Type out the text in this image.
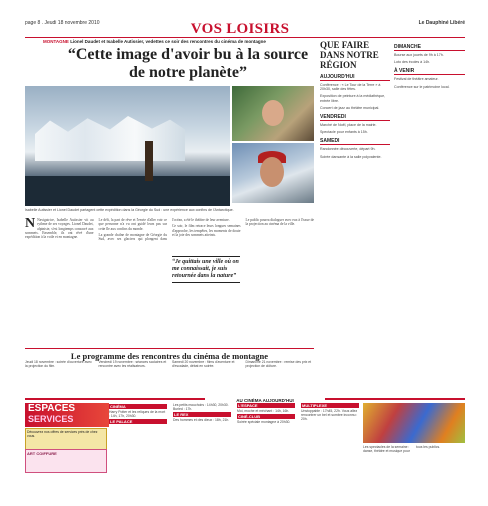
page 8 . Jeudi 18 novembre 2010	Le Dauphiné Libéré
VOS LOISIRS
MONTAGNE Lionel Daudet et Isabelle Autissier, vedettes ce soir des rencontres du cinéma de montagne
“Cette image d'avoir bu à la source de notre planète”
Isabelle Autissier et Lionel Daudet partagent cette expédition dans la Géorgie du Sud : une expérience aux confins de l'Antarctique.

N Navigatrice, Isabelle Autissier vit au rythme de ses voyages. Lionel Daudet, alpiniste, s'est longtemps consacré aux sommets. Ensemble, ils ont rêvé d'une expédition à la voile et en montagne.

Le défi, la part de rêve et l'envie d'aller voir ce que personne n'a vu ont guidé leurs pas sur cette île aux confins du monde.

La grande chaîne de montagne de Géorgie du Sud, avec ses glaciers qui plongent dans l'océan, a été le théâtre de leur aventure.

Ce soir, le film retrace leurs longues semaines d'approche, les tempêtes, les moments de doute et la joie des sommets atteints.

Le public pourra dialoguer avec eux à l'issue de la projection au cinéma de la ville.

“Je quittais une ville où on me connaissait, je suis retournée dans la nature”
Le programme des rencontres du cinéma de montagne

Jeudi 18 novembre : soirée d'ouverture avec la projection du film.

Vendredi 19 novembre : séances scolaires et rencontre avec les réalisateurs.

Samedi 20 novembre : films d'aventure et d'escalade, débat en soirée.

Dimanche 21 novembre : remise des prix et projection de clôture.

QUE FAIRE DANS NOTRE RÉGION
AUJOURD'HUI
Conférence : « Le Tour de la Terre » à 20h30, salle des fêtes.
Exposition de peinture à la médiathèque, entrée libre.
Concert de jazz au théâtre municipal.
VENDREDI
Marché de Noël, place de la mairie.
Spectacle pour enfants à 15h.
SAMEDI
Randonnée découverte, départ 9h.
Soirée dansante à la salle polyvalente.
DIMANCHE
Bourse aux jouets de 9h à 17h.
Loto des écoles à 14h.
À VENIR
Festival de théâtre amateur.
Conférence sur le patrimoine local.
ESPACES
SERVICES
Découvrez nos offres de services près de chez vous.
ART COIFFURE
AU CINÉMA AUJOURD'HUI
CINÉMA
Harry Potter et les reliques de la mort : 14h, 17h, 20h30.
LE PALACE
Les petits mouchoirs : 14h30, 20h30. Buried : 17h.
LE REX
Des hommes et des dieux : 18h, 21h.
L'ESPACE
Moi, moche et méchant : 14h, 16h.
CINÉ-CLUB
Soirée spéciale montagne à 20h30.
MULTIPLEXE
Unstoppable : 17h45, 22h. Vous allez rencontrer un bel et sombre inconnu : 20h.
Les spectacles de la semaine : danse, théâtre et musique pour tous les publics.
